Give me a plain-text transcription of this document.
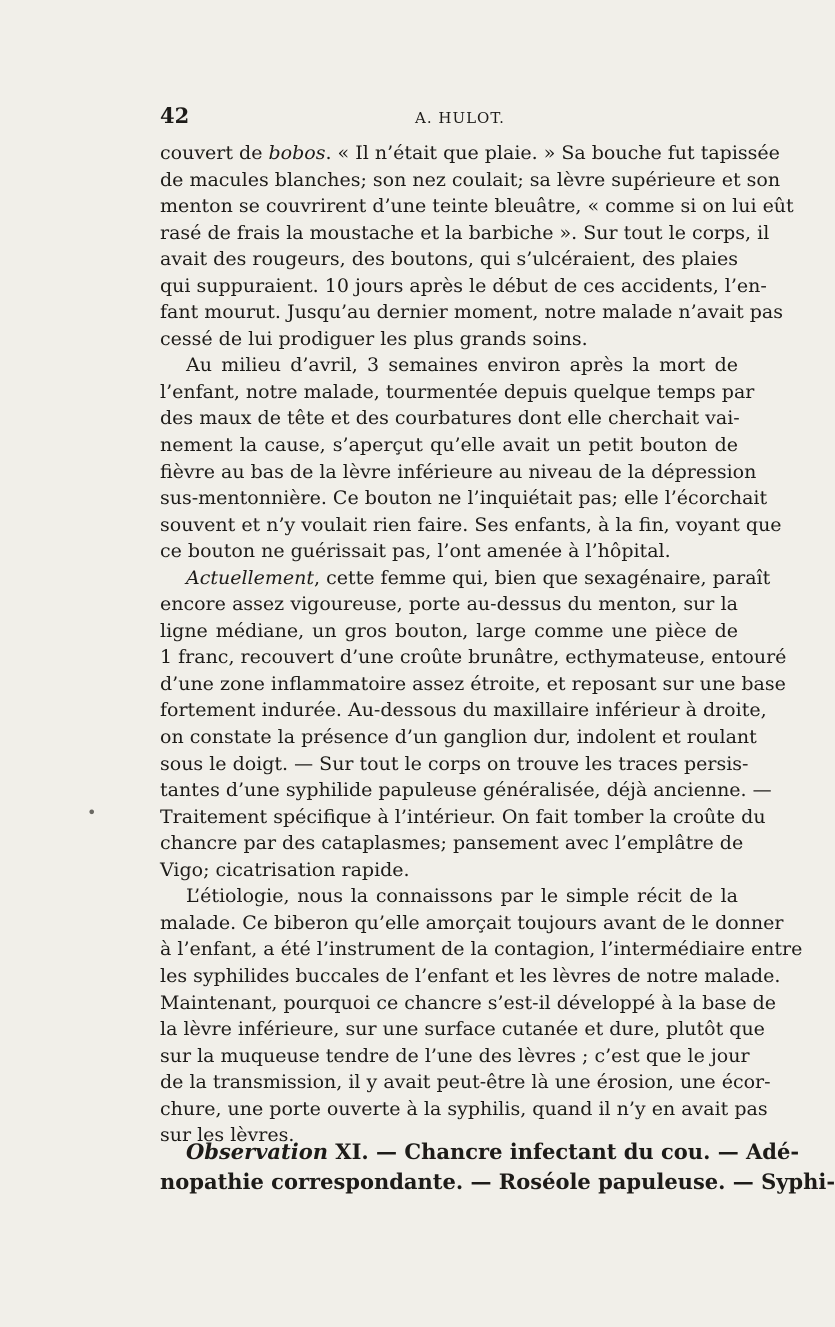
42	A. HULOT.
•
couvert de bobos. « Il n’était que plaie. » Sa bouche fut tapissée
de macules blanches; son nez coulait; sa lèvre supérieure et son
menton se couvrirent d’une teinte bleuâtre, « comme si on lui eût
rasé de frais la moustache et la barbiche ». Sur tout le corps, il
avait des rougeurs, des boutons, qui s’ulcéraient, des plaies
qui suppuraient. 10 jours après le début de ces accidents, l’en-
fant mourut. Jusqu’au dernier moment, notre malade n’avait pas
cessé de lui prodiguer les plus grands soins.
Au milieu d’avril, 3 semaines environ après la mort de
l’enfant, notre malade, tourmentée depuis quelque temps par
des maux de tête et des courbatures dont elle cherchait vai-
nement la cause, s’aperçut qu’elle avait un petit bouton de
fièvre au bas de la lèvre inférieure au niveau de la dépression
sus-mentonnière. Ce bouton ne l’inquiétait pas; elle l’écorchait
souvent et n’y voulait rien faire. Ses enfants, à la fin, voyant que
ce bouton ne guérissait pas, l’ont amenée à l’hôpital.
Actuellement, cette femme qui, bien que sexagénaire, paraît
encore assez vigoureuse, porte au-dessus du menton, sur la
ligne médiane, un gros bouton, large comme une pièce de
1 franc, recouvert d’une croûte brunâtre, ecthymateuse, entouré
d’une zone inflammatoire assez étroite, et reposant sur une base
fortement indurée. Au-dessous du maxillaire inférieur à droite,
on constate la présence d’un ganglion dur, indolent et roulant
sous le doigt. — Sur tout le corps on trouve les traces persis-
tantes d’une syphilide papuleuse généralisée, déjà ancienne. —
Traitement spécifique à l’intérieur. On fait tomber la croûte du
chancre par des cataplasmes; pansement avec l’emplâtre de
Vigo; cicatrisation rapide.
L’étiologie, nous la connaissons par le simple récit de la
malade. Ce biberon qu’elle amorçait toujours avant de le donner
à l’enfant, a été l’instrument de la contagion, l’intermédiaire entre
les syphilides buccales de l’enfant et les lèvres de notre malade.
Maintenant, pourquoi ce chancre s’est-il développé à la base de
la lèvre inférieure, sur une surface cutanée et dure, plutôt que
sur la muqueuse tendre de l’une des lèvres ; c’est que le jour
de la transmission, il y avait peut-être là une érosion, une écor-
chure, une porte ouverte à la syphilis, quand il n’y en avait pas
sur les lèvres.
Observation XI. — Chancre infectant du cou. — Adé-
nopathie correspondante. — Roséole papuleuse. — Syphi-
